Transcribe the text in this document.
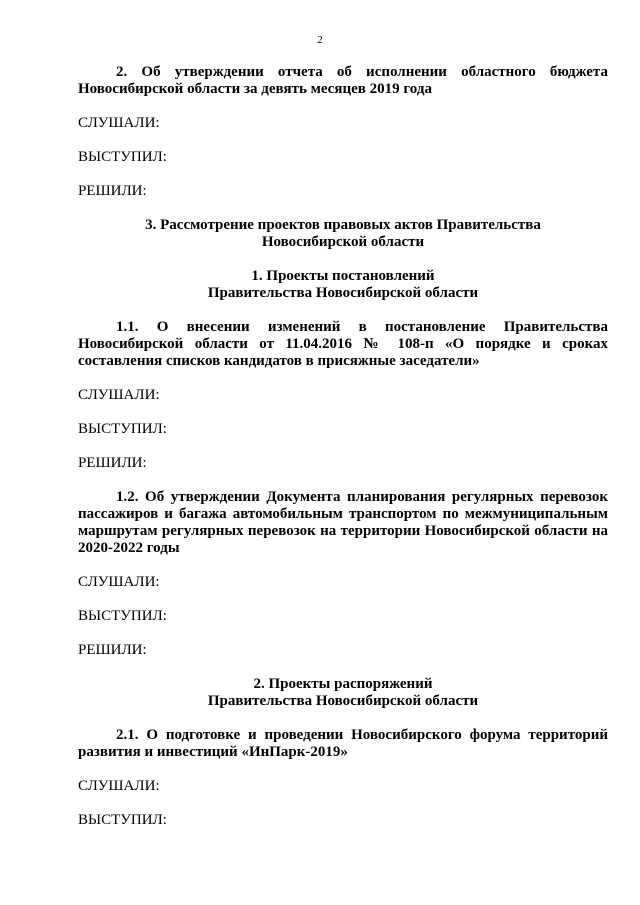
2

2. Об утверждении отчета об исполнении областного бюджета Новосибирской области за девять месяцев 2019 года

СЛУШАЛИ:

ВЫСТУПИЛ:

РЕШИЛИ:

3. Рассмотрение проектов правовых актов Правительства
Новосибирской области
1. Проекты постановлений
Правительства Новосибирской области

1.1. О внесении изменений в постановление Правительства Новосибирской области от 11.04.2016 № 108-п «О порядке и сроках составления списков кандидатов в присяжные заседатели»

СЛУШАЛИ:

ВЫСТУПИЛ:

РЕШИЛИ:

1.2. Об утверждении Документа планирования регулярных перевозок пассажиров и багажа автомобильным транспортом по межмуниципальным маршрутам регулярных перевозок на территории Новосибирской области на 2020-2022 годы

СЛУШАЛИ:

ВЫСТУПИЛ:

РЕШИЛИ:

2. Проекты распоряжений
Правительства Новосибирской области

2.1. О подготовке и проведении Новосибирского форума территорий развития и инвестиций «ИнПарк-2019»

СЛУШАЛИ:

ВЫСТУПИЛ:
